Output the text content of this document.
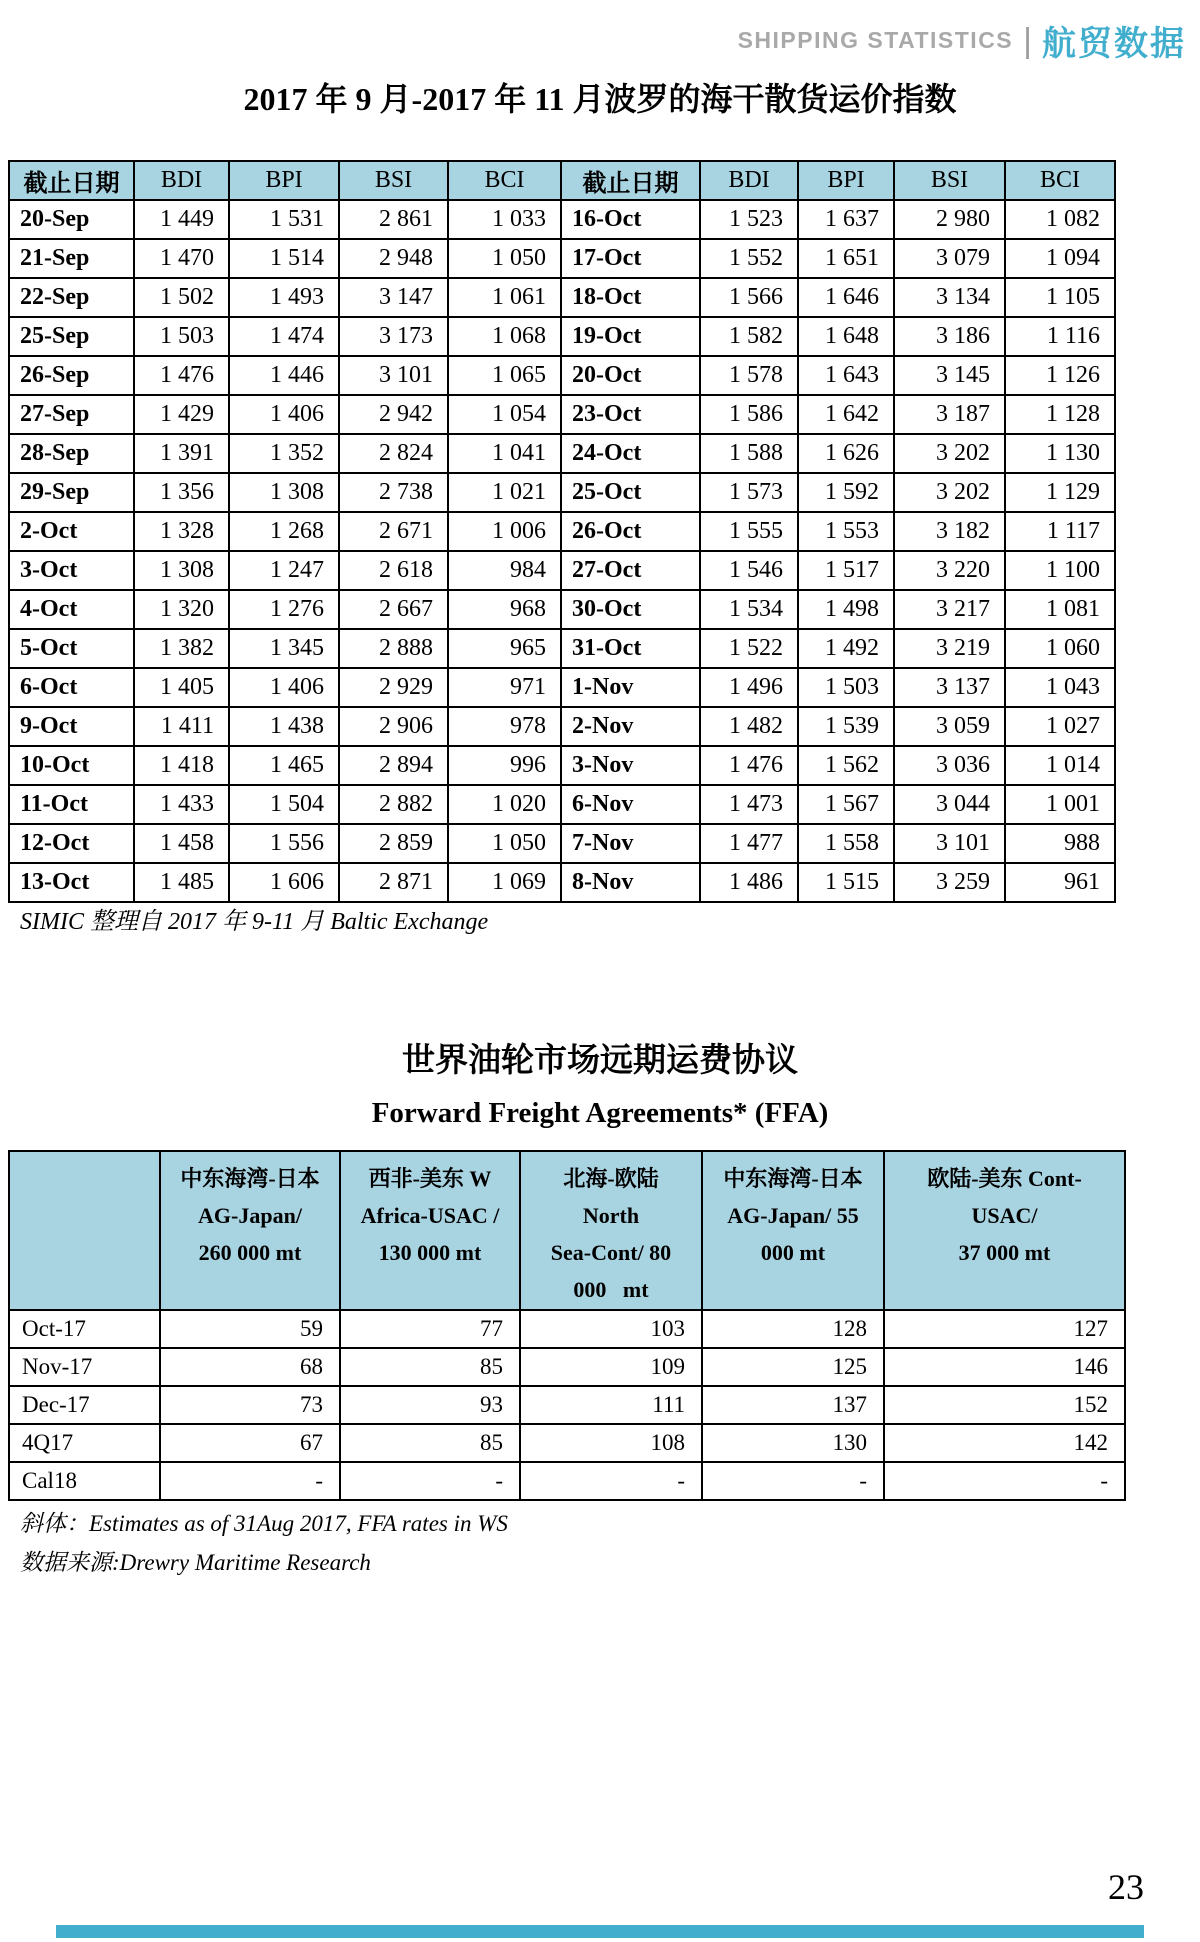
SHIPPING STATISTICS | 航贸数据
2017 年 9 月-2017 年 11 月波罗的海干散货运价指数
截止日期	BDI	BPI	BSI	BCI	截止日期	BDI	BPI	BSI	BCI
20-Sep	1 449	1 531	2 861	1 033	16-Oct	1 523	1 637	2 980	1 082
21-Sep	1 470	1 514	2 948	1 050	17-Oct	1 552	1 651	3 079	1 094
22-Sep	1 502	1 493	3 147	1 061	18-Oct	1 566	1 646	3 134	1 105
25-Sep	1 503	1 474	3 173	1 068	19-Oct	1 582	1 648	3 186	1 116
26-Sep	1 476	1 446	3 101	1 065	20-Oct	1 578	1 643	3 145	1 126
27-Sep	1 429	1 406	2 942	1 054	23-Oct	1 586	1 642	3 187	1 128
28-Sep	1 391	1 352	2 824	1 041	24-Oct	1 588	1 626	3 202	1 130
29-Sep	1 356	1 308	2 738	1 021	25-Oct	1 573	1 592	3 202	1 129
2-Oct	1 328	1 268	2 671	1 006	26-Oct	1 555	1 553	3 182	1 117
3-Oct	1 308	1 247	2 618	984	27-Oct	1 546	1 517	3 220	1 100
4-Oct	1 320	1 276	2 667	968	30-Oct	1 534	1 498	3 217	1 081
5-Oct	1 382	1 345	2 888	965	31-Oct	1 522	1 492	3 219	1 060
6-Oct	1 405	1 406	2 929	971	1-Nov	1 496	1 503	3 137	1 043
9-Oct	1 411	1 438	2 906	978	2-Nov	1 482	1 539	3 059	1 027
10-Oct	1 418	1 465	2 894	996	3-Nov	1 476	1 562	3 036	1 014
11-Oct	1 433	1 504	2 882	1 020	6-Nov	1 473	1 567	3 044	1 001
12-Oct	1 458	1 556	2 859	1 050	7-Nov	1 477	1 558	3 101	988
13-Oct	1 485	1 606	2 871	1 069	8-Nov	1 486	1 515	3 259	961
SIMIC 整理自 2017 年 9-11 月 Baltic Exchange
世界油轮市场远期运费协议
Forward Freight Agreements* (FFA)
	中东海湾-日本
AG-Japan/
260 000 mt	西非-美东 W
Africa-USAC /
130 000 mt	北海-欧陆
North
Sea-Cont/ 80
000   mt	中东海湾-日本
AG-Japan/ 55
000 mt	欧陆-美东 Cont-
USAC/
37 000 mt
Oct-17	59	77	103	128	127
Nov-17	68	85	109	125	146
Dec-17	73	93	111	137	152
4Q17	67	85	108	130	142
Cal18	-	-	-	-	-
斜体：Estimates as of 31Aug 2017, FFA rates in WS
数据来源:Drewry Maritime Research
23
